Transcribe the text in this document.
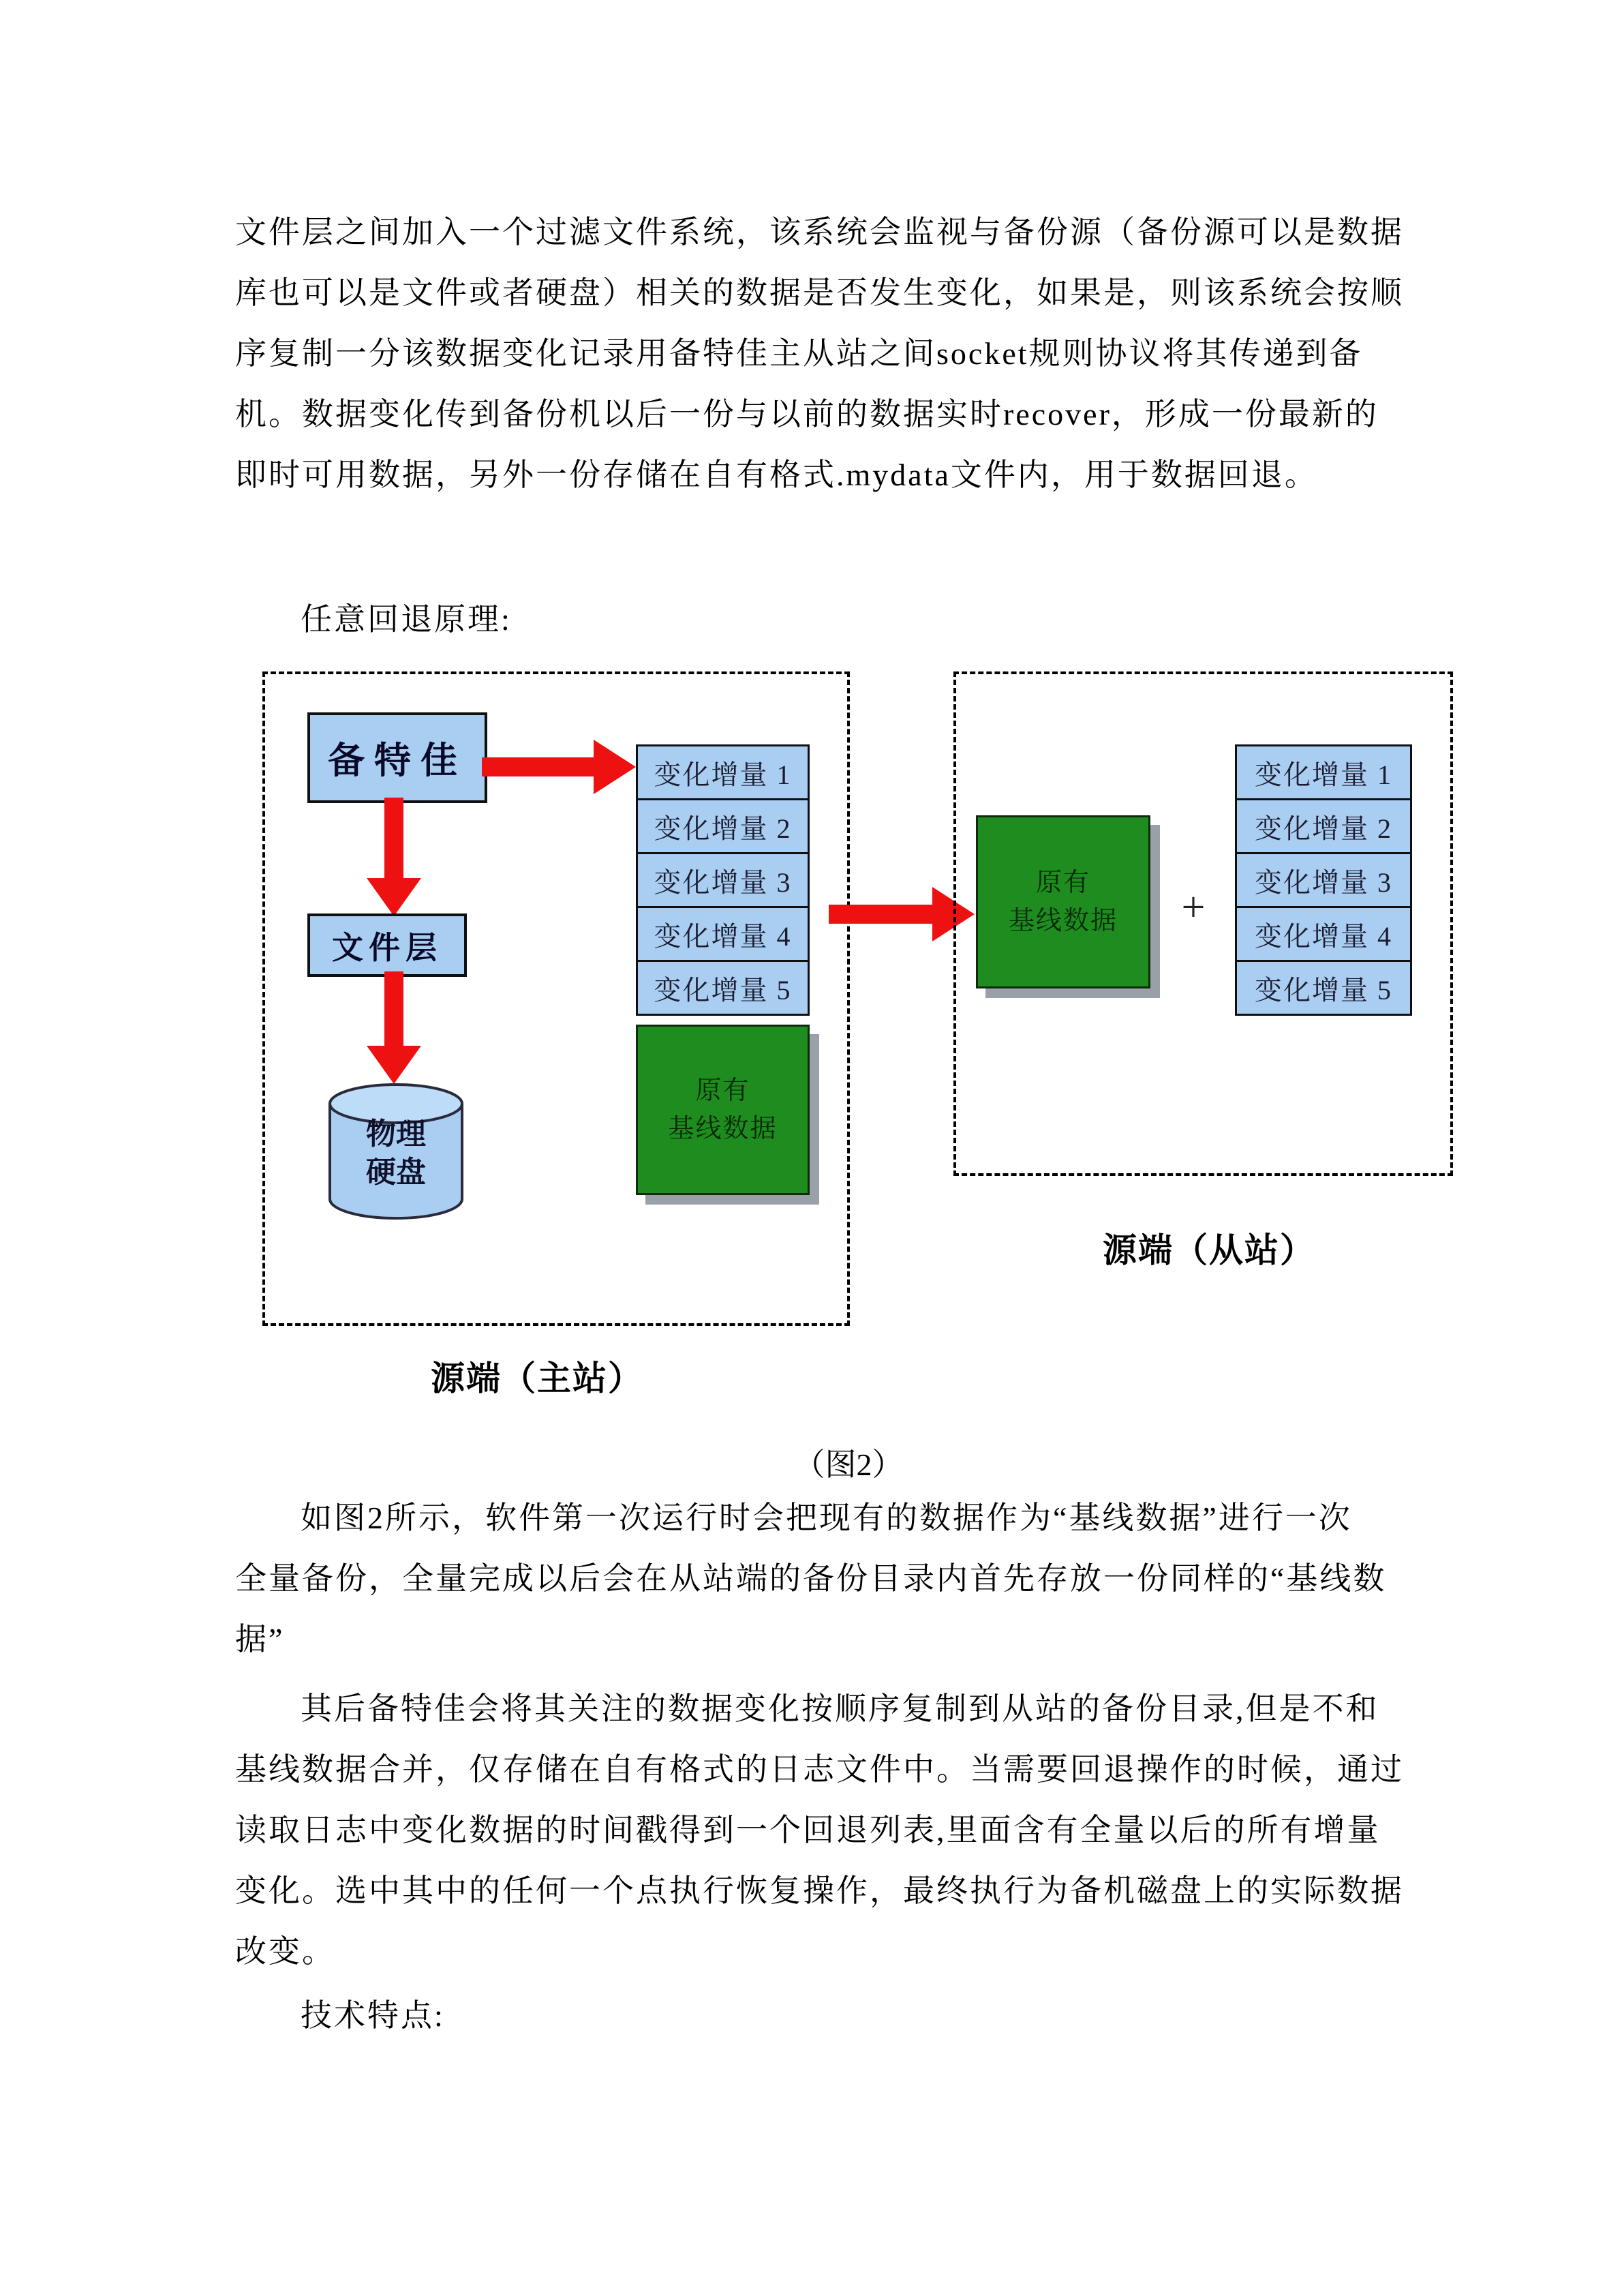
文件层之间加入一个过滤文件系统，该系统会监视与备份源（备份源可以是数据
库也可以是文件或者硬盘）相关的数据是否发生变化，如果是，则该系统会按顺
序复制一分该数据变化记录用备特佳主从站之间socket规则协议将其传递到备
机。数据变化传到备份机以后一份与以前的数据实时recover，形成一份最新的
即时可用数据，另外一份存储在自有格式.mydata文件内，用于数据回退。
任意回退原理:
备特佳
文件层
物理
硬盘
变化增量 1
变化增量 2
变化增量 3
变化增量 4
变化增量 5
原有
基线数据
原有
基线数据	+
变化增量 1
变化增量 2
变化增量 3
变化增量 4
变化增量 5
源端（主站）
源端（从站）
（图2）
如图2所示，软件第一次运行时会把现有的数据作为“基线数据”进行一次
全量备份，全量完成以后会在从站端的备份目录内首先存放一份同样的“基线数
据”
其后备特佳会将其关注的数据变化按顺序复制到从站的备份目录,但是不和
基线数据合并，仅存储在自有格式的日志文件中。当需要回退操作的时候，通过
读取日志中变化数据的时间戳得到一个回退列表,里面含有全量以后的所有增量
变化。选中其中的任何一个点执行恢复操作，最终执行为备机磁盘上的实际数据
改变。
技术特点:
